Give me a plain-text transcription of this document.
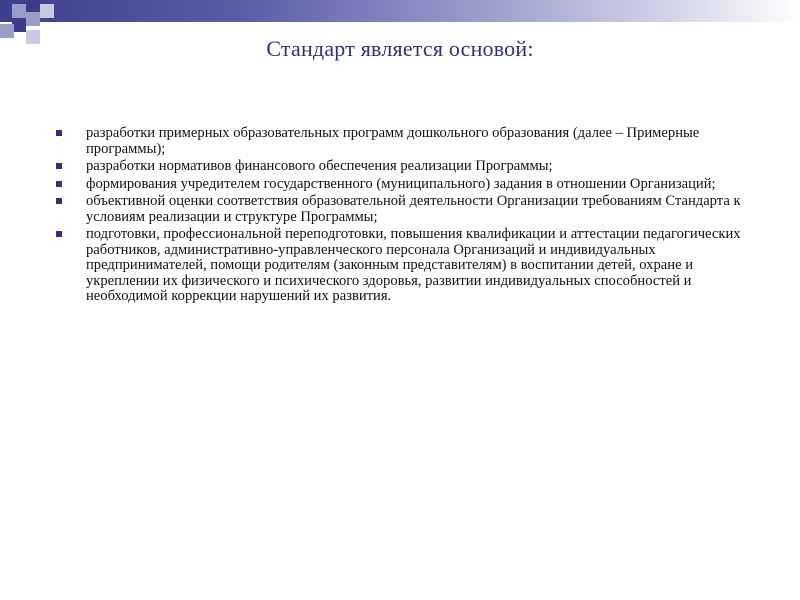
Стандарт является основой:
разработки примерных образовательных программ дошкольного образования (далее – Примерные программы);
разработки нормативов финансового обеспечения реализации Программы;
формирования учредителем государственного (муниципального) задания в отношении Организаций;
объективной оценки соответствия образовательной деятельности Организации требованиям Стандарта к условиям реализации и структуре Программы;
подготовки, профессиональной переподготовки, повышения квалификации и аттестации педагогических работников, административно-управленческого персонала Организаций и индивидуальных предпринимателей, помощи родителям (законным представителям) в воспитании детей, охране и укреплении их физического и психического здоровья, развитии индивидуальных способностей и необходимой коррекции нарушений их развития.
